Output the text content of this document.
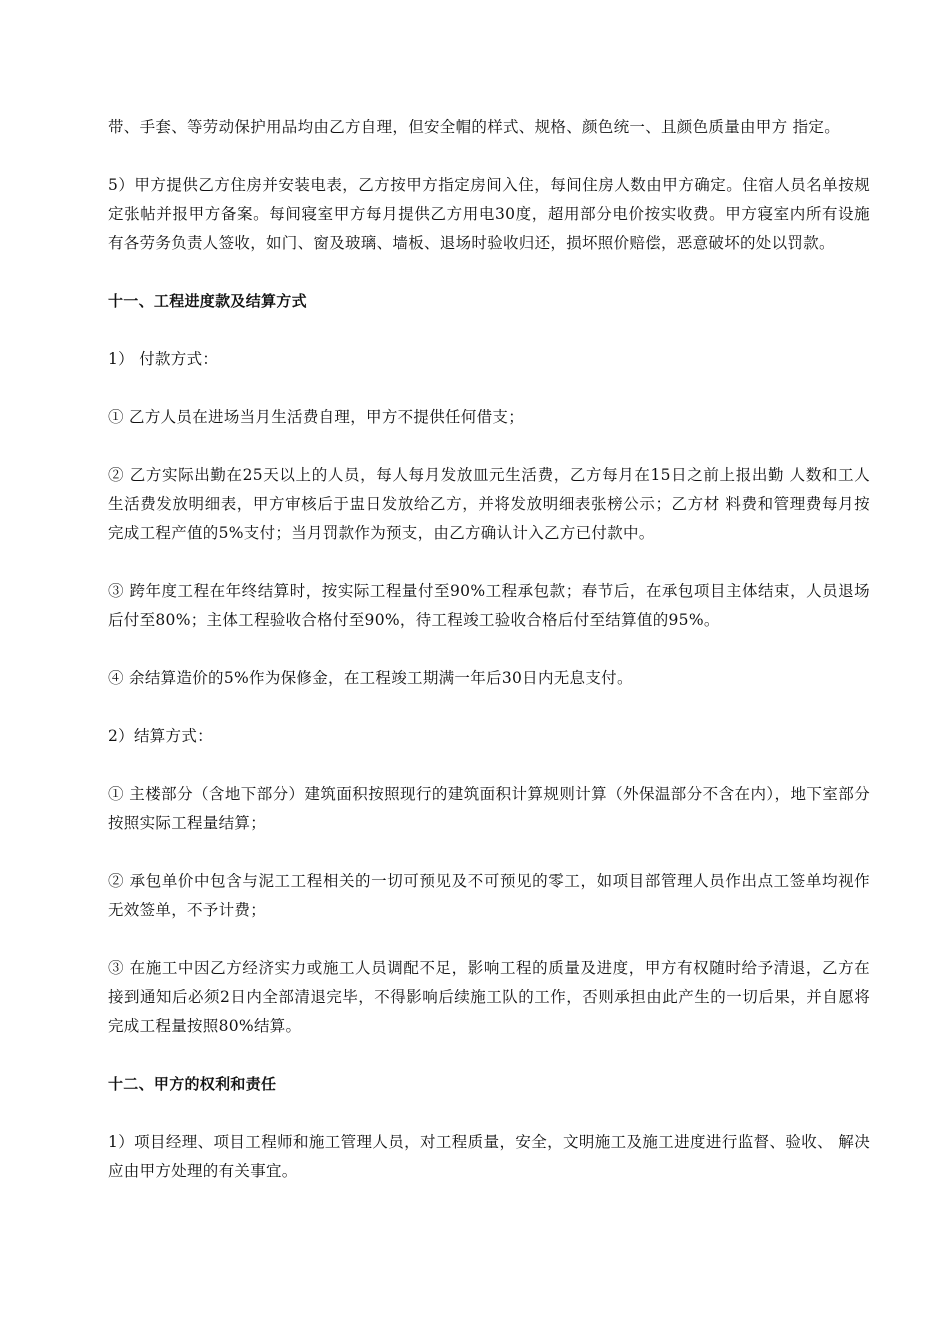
带、手套、等劳动保护用品均由乙方自理，但安全帽的样式、规格、颜色统一、且颜色质量由甲方 指定。

5）甲方提供乙方住房并安装电表，乙方按甲方指定房间入住，每间住房人数由甲方确定。住宿人员名单按规定张帖并报甲方备案。每间寝室甲方每月提供乙方用电30度，超用部分电价按实收费。甲方寝室内所有设施有各劳务负责人签收，如门、窗及玻璃、墙板、退场时验收归还，损坏照价赔偿，恶意破坏的处以罚款。

十一、工程进度款及结算方式

1） 付款方式：

① 乙方人员在进场当月生活费自理，甲方不提供任何借支；

② 乙方实际出勤在25天以上的人员，每人每月发放皿元生活费，乙方每月在15日之前上报出勤 人数和工人生活费发放明细表，甲方审核后于盅日发放给乙方，并将发放明细表张榜公示；乙方材 料费和管理费每月按完成工程产值的5%支付；当月罚款作为预支，由乙方确认计入乙方已付款中。

③ 跨年度工程在年终结算时，按实际工程量付至90%工程承包款；春节后，在承包项目主体结束，人员退场后付至80%；主体工程验收合格付至90%，待工程竣工验收合格后付至结算值的95%。

④ 余结算造价的5%作为保修金，在工程竣工期满一年后30日内无息支付。

2）结算方式：

① 主楼部分（含地下部分）建筑面积按照现行的建筑面积计算规则计算（外保温部分不含在内），地下室部分按照实际工程量结算；

② 承包单价中包含与泥工工程相关的一切可预见及不可预见的零工，如项目部管理人员作出点工签单均视作无效签单，不予计费；

③ 在施工中因乙方经济实力或施工人员调配不足，影响工程的质量及进度，甲方有权随时给予清退，乙方在接到通知后必须2日内全部清退完毕，不得影响后续施工队的工作，否则承担由此产生的一切后果，并自愿将完成工程量按照80%结算。

十二、甲方的权利和责任

1）项目经理、项目工程师和施工管理人员，对工程质量，安全，文明施工及施工进度进行监督、验收、 解决应由甲方处理的有关事宜。
